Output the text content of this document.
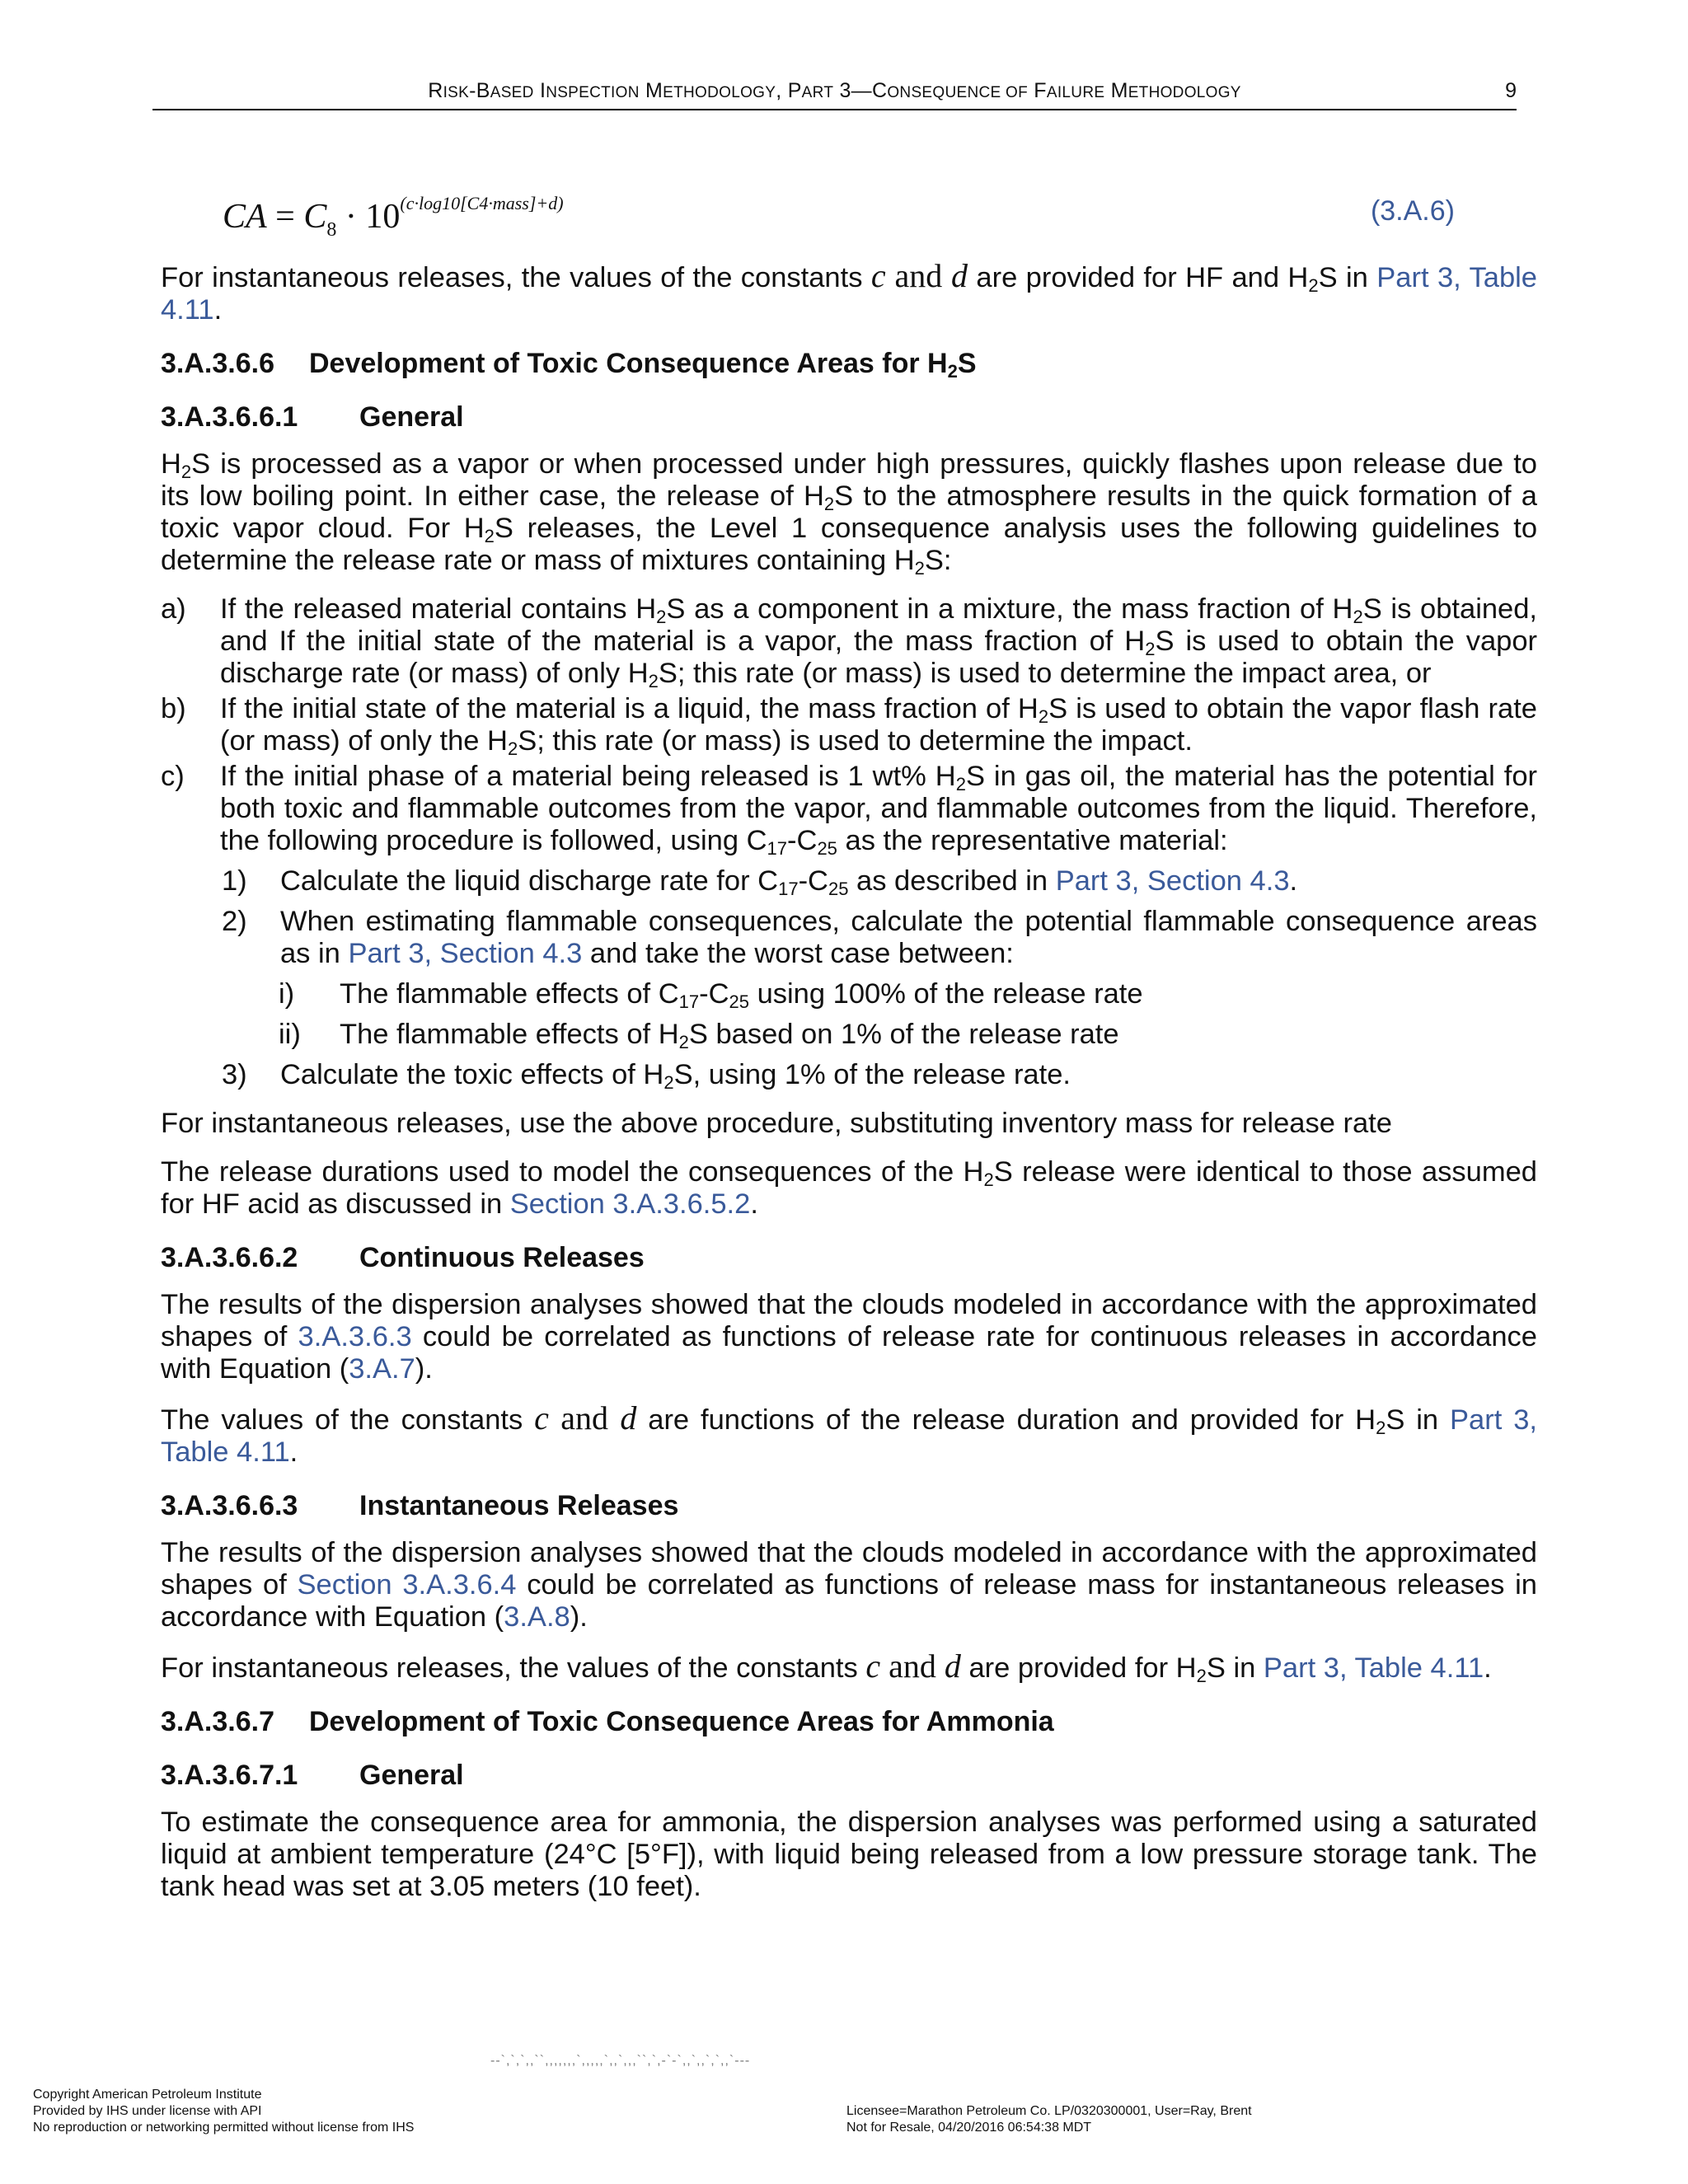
RISK-BASED INSPECTION METHODOLOGY, PART 3—CONSEQUENCE OF FAILURE METHODOLOGY	9
CA = $C_8 \cdot 10^{(c\cdot log10[C4\cdot mass]+d)}$	(3.A.6)

For instantaneous releases, the values of the constants c and d are provided for HF and $H_2S$ in Part 3, Table 4.11.

3.A.3.6.6 Development of Toxic Consequence Areas for $H_2S$
3.A.3.6.6.1 General

$H_2S$ is processed as a vapor or when processed under high pressures, quickly flashes upon release due to its low boiling point. In either case, the release of $H_2S$ to the atmosphere results in the quick formation of a toxic vapor cloud. For $H_2S$ releases, the Level 1 consequence analysis uses the following guidelines to determine the release rate or mass of mixtures containing $H_2S$:

a) If the released material contains $H_2S$ as a component in a mixture, the mass fraction of $H_2S$ is obtained, and If the initial state of the material is a vapor, the mass fraction of $H_2S$ is used to obtain the vapor discharge rate (or mass) of only $H_2S$; this rate (or mass) is used to determine the impact area, or
b) If the initial state of the material is a liquid, the mass fraction of $H_2S$ is used to obtain the vapor flash rate (or mass) of only the $H_2S$; this rate (or mass) is used to determine the impact.
c) If the initial phase of a material being released is 1 wt% $H_2S$ in gas oil, the material has the potential for both toxic and flammable outcomes from the vapor, and flammable outcomes from the liquid. Therefore, the following procedure is followed, using $C_{17}-C_{25}$ as the representative material:
1) Calculate the liquid discharge rate for $C_{17}-C_{25}$ as described in Part 3, Section 4.3.
2) When estimating flammable consequences, calculate the potential flammable consequence areas as in Part 3, Section 4.3 and take the worst case between:
i) The flammable effects of $C_{17}-C_{25}$ using 100% of the release rate
ii) The flammable effects of $H_2S$ based on 1% of the release rate
3) Calculate the toxic effects of $H_2S$, using 1% of the release rate.

For instantaneous releases, use the above procedure, substituting inventory mass for release rate

The release durations used to model the consequences of the $H_2S$ release were identical to those assumed for HF acid as discussed in Section 3.A.3.6.5.2.

3.A.3.6.6.2 Continuous Releases

The results of the dispersion analyses showed that the clouds modeled in accordance with the approximated shapes of 3.A.3.6.3 could be correlated as functions of release rate for continuous releases in accordance with Equation (3.A.7).

The values of the constants c and d are functions of the release duration and provided for $H_2S$ in Part 3, Table 4.11.

3.A.3.6.6.3 Instantaneous Releases

The results of the dispersion analyses showed that the clouds modeled in accordance with the approximated shapes of Section 3.A.3.6.4 could be correlated as functions of release mass for instantaneous releases in accordance with Equation (3.A.8).

For instantaneous releases, the values of the constants c and d are provided for $H_2S$ in Part 3, Table 4.11.

3.A.3.6.7 Development of Toxic Consequence Areas for Ammonia
3.A.3.6.7.1 General

To estimate the consequence area for ammonia, the dispersion analyses was performed using a saturated liquid at ambient temperature (24°C [5°F]), with liquid being released from a low pressure storage tank. The tank head was set at 3.05 meters (10 feet).

--`,`,`,,``,,,,,,,`,,,,,`,,`,,,``,`,-`-`,,`,,`,`,,`---
Copyright American Petroleum Institute
Provided by IHS under license with API
No reproduction or networking permitted without license from IHS
Licensee=Marathon Petroleum Co. LP/0320300001, User=Ray, Brent
Not for Resale, 04/20/2016 06:54:38 MDT
